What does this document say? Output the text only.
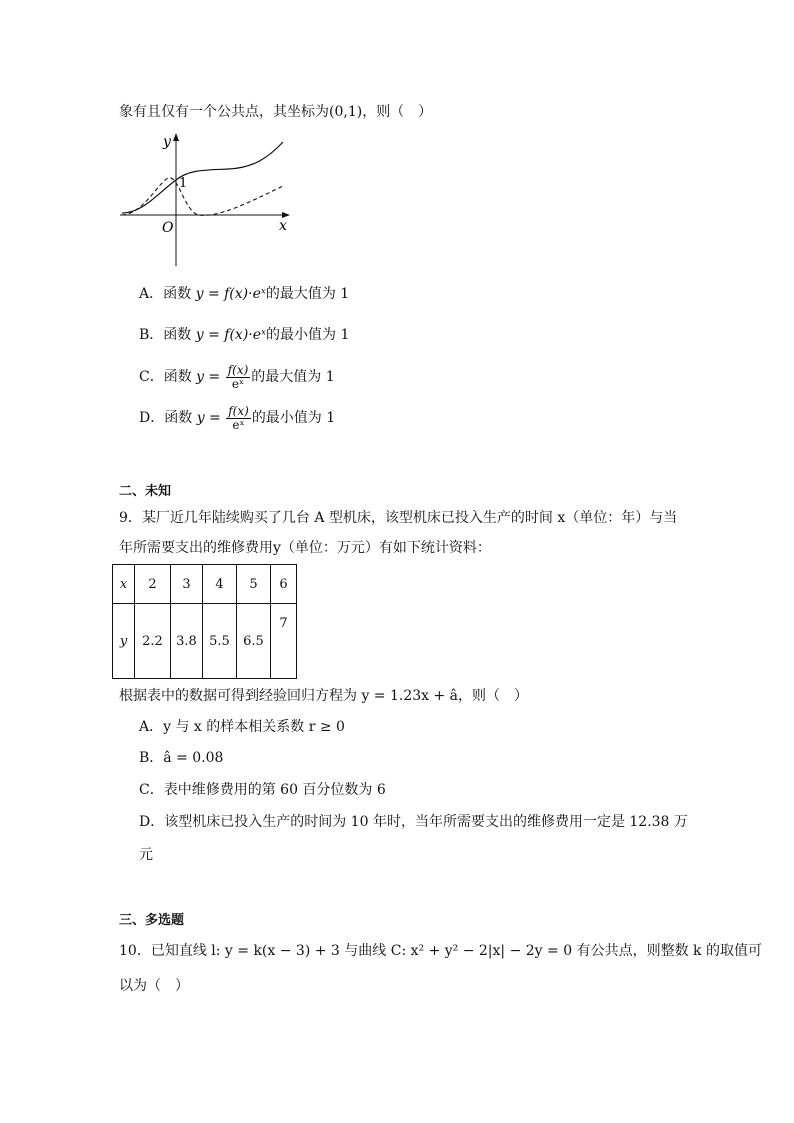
象有且仅有一个公共点，其坐标为(0,1)，则（　）
y
x
O
1
A．函数 y = f(x)·eˣ的最大值为 1
B．函数 y = f(x)·eˣ的最小值为 1
C．函数 $y = \frac{f(x)}{\text{eˣ}}$ 的最大值为 1
D．函数 $y = \frac{f(x)}{\text{eˣ}}$ 的最小值为 1
二、未知
9．某厂近几年陆续购买了几台 A 型机床，该型机床已投入生产的时间 x（单位：年）与当
年所需要支出的维修费用y（单位：万元）有如下统计资料：
x	2	3	4	5	6
y	2.2	3.8	5.5	6.5	7
根据表中的数据可得到经验回归方程为 y = 1.23x + â，则（　）
A．y 与 x 的样本相关系数 r ≥ 0
B．â = 0.08
C．表中维修费用的第 60 百分位数为 6
D．该型机床已投入生产的时间为 10 年时，当年所需要支出的维修费用一定是 12.38 万
元
三、多选题
10．已知直线 l: y = k(x − 3) + 3 与曲线 C: x² + y² − 2|x| − 2y = 0 有公共点，则整数 k 的取值可
以为（　）
